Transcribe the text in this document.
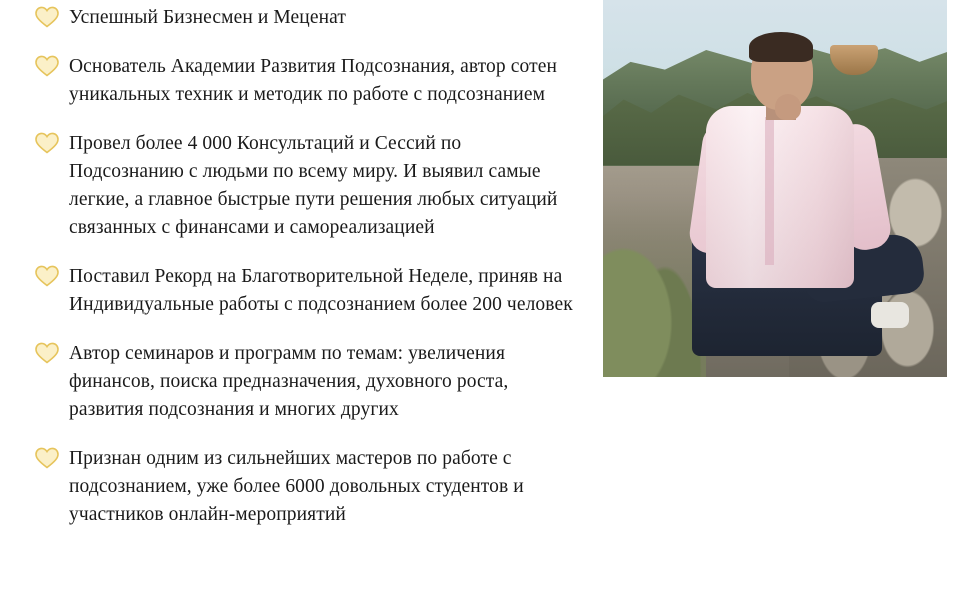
Успешный Бизнесмен и Меценат
Основатель Академии Развития Подсознания, автор сотен уникальных техник и методик по работе с подсознанием
Провел более 4 000 Консультаций и Сессий по Подсознанию с людьми по всему миру. И выявил самые легкие, а главное быстрые пути решения любых ситуаций связанных с финансами и самореализацией
Поставил Рекорд на Благотворительной Неделе, приняв на Индивидуальные работы с подсознанием более 200 человек
Автор семинаров и программ по темам: увеличения финансов, поиска предназначения, духовного роста, развития подсознания и многих других
Признан одним из сильнейших мастеров по работе с подсознанием, уже более 6000 довольных студентов и участников онлайн-мероприятий
